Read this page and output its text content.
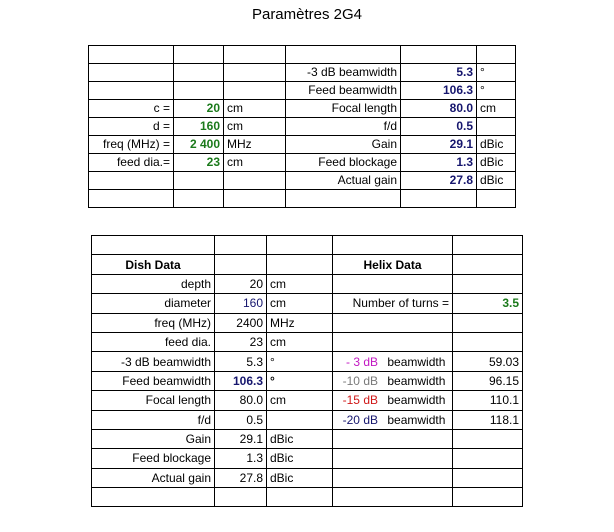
Paramètres 2G4

			-3 dB beamwidth	5.3	°
			Feed beamwidth	106.3	°
c =	20	cm	Focal length	80.0	cm
d =	160	cm	f/d	0.5	
freq (MHz) =	2 400	MHz	Gain	29.1	dBic
feed dia.=	23	cm	Feed blockage	1.3	dBic
			Actual gain	27.8	dBic

Dish Data			Helix Data	
depth	20	cm		
diameter	160	cm	Number of turns =	3.5
freq (MHz)	2400	MHz		
feed dia.	23	cm		
-3 dB beamwidth	5.3	°	- 3 dB beamwidth	59.03
Feed beamwidth	106.3	°	-10 dB beamwidth	96.15
Focal length	80.0	cm	-15 dB beamwidth	110.1
f/d	0.5		-20 dB beamwidth	118.1
Gain	29.1	dBic		
Feed blockage	1.3	dBic		
Actual gain	27.8	dBic		
